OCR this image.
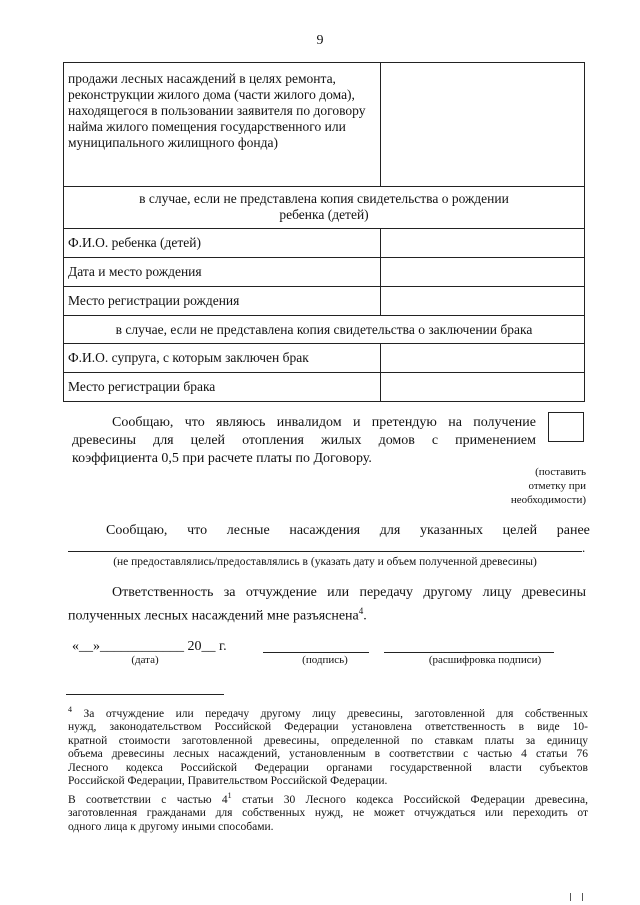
9
продажи лесных насаждений в целях ремонта, реконструкции жилого дома (части жилого дома), находящегося в пользовании заявителя по договору найма жилого помещения государственного или муниципального жилищного фонда)	
в случае, если не представлена копия свидетельства о рождении ребенка (детей)	
Ф.И.О. ребенка (детей)	
Дата и место рождения	
Место регистрации рождения	
в случае, если не представлена копия свидетельства о заключении брака	
Ф.И.О. супруга, с которым заключен брак	
Место регистрации брака	
Сообщаю, что являюсь инвалидом и претендую на получение
древесины для целей отопления жилых домов с применением
коэффициента 0,5 при расчете платы по Договору.
(поставить
отметку при
необходимости)
Сообщаю, что лесные насаждения для указанных целей ранее
.
(не предоставлялись/предоставлялись в (указать дату и объем полученной древесины)
Ответственность за отчуждение или передачу другому лицу древесины
полученных лесных насаждений мне разъяснена$^4$.
«__»____________ 20__ г.
(дата)	(подпись)	(расшифровка подписи)
$^4$ За отчуждение или передачу другому лицу древесины, заготовленной для собственных
нужд, законодательством Российской Федерации установлена ответственность в виде 10-
кратной стоимости заготовленной древесины, определенной по ставкам платы за единицу
объема древесины лесных насаждений, установленным в соответствии с частью 4 статьи 76
Лесного кодекса Российской Федерации органами государственной власти субъектов
Российской Федерации, Правительством Российской Федерации.
В соответствии с частью $4^1$ статьи 30 Лесного кодекса Российской Федерации древесина,
заготовленная гражданами для собственных нужд, не может отчуждаться или переходить от
одного лица к другому иными способами.
